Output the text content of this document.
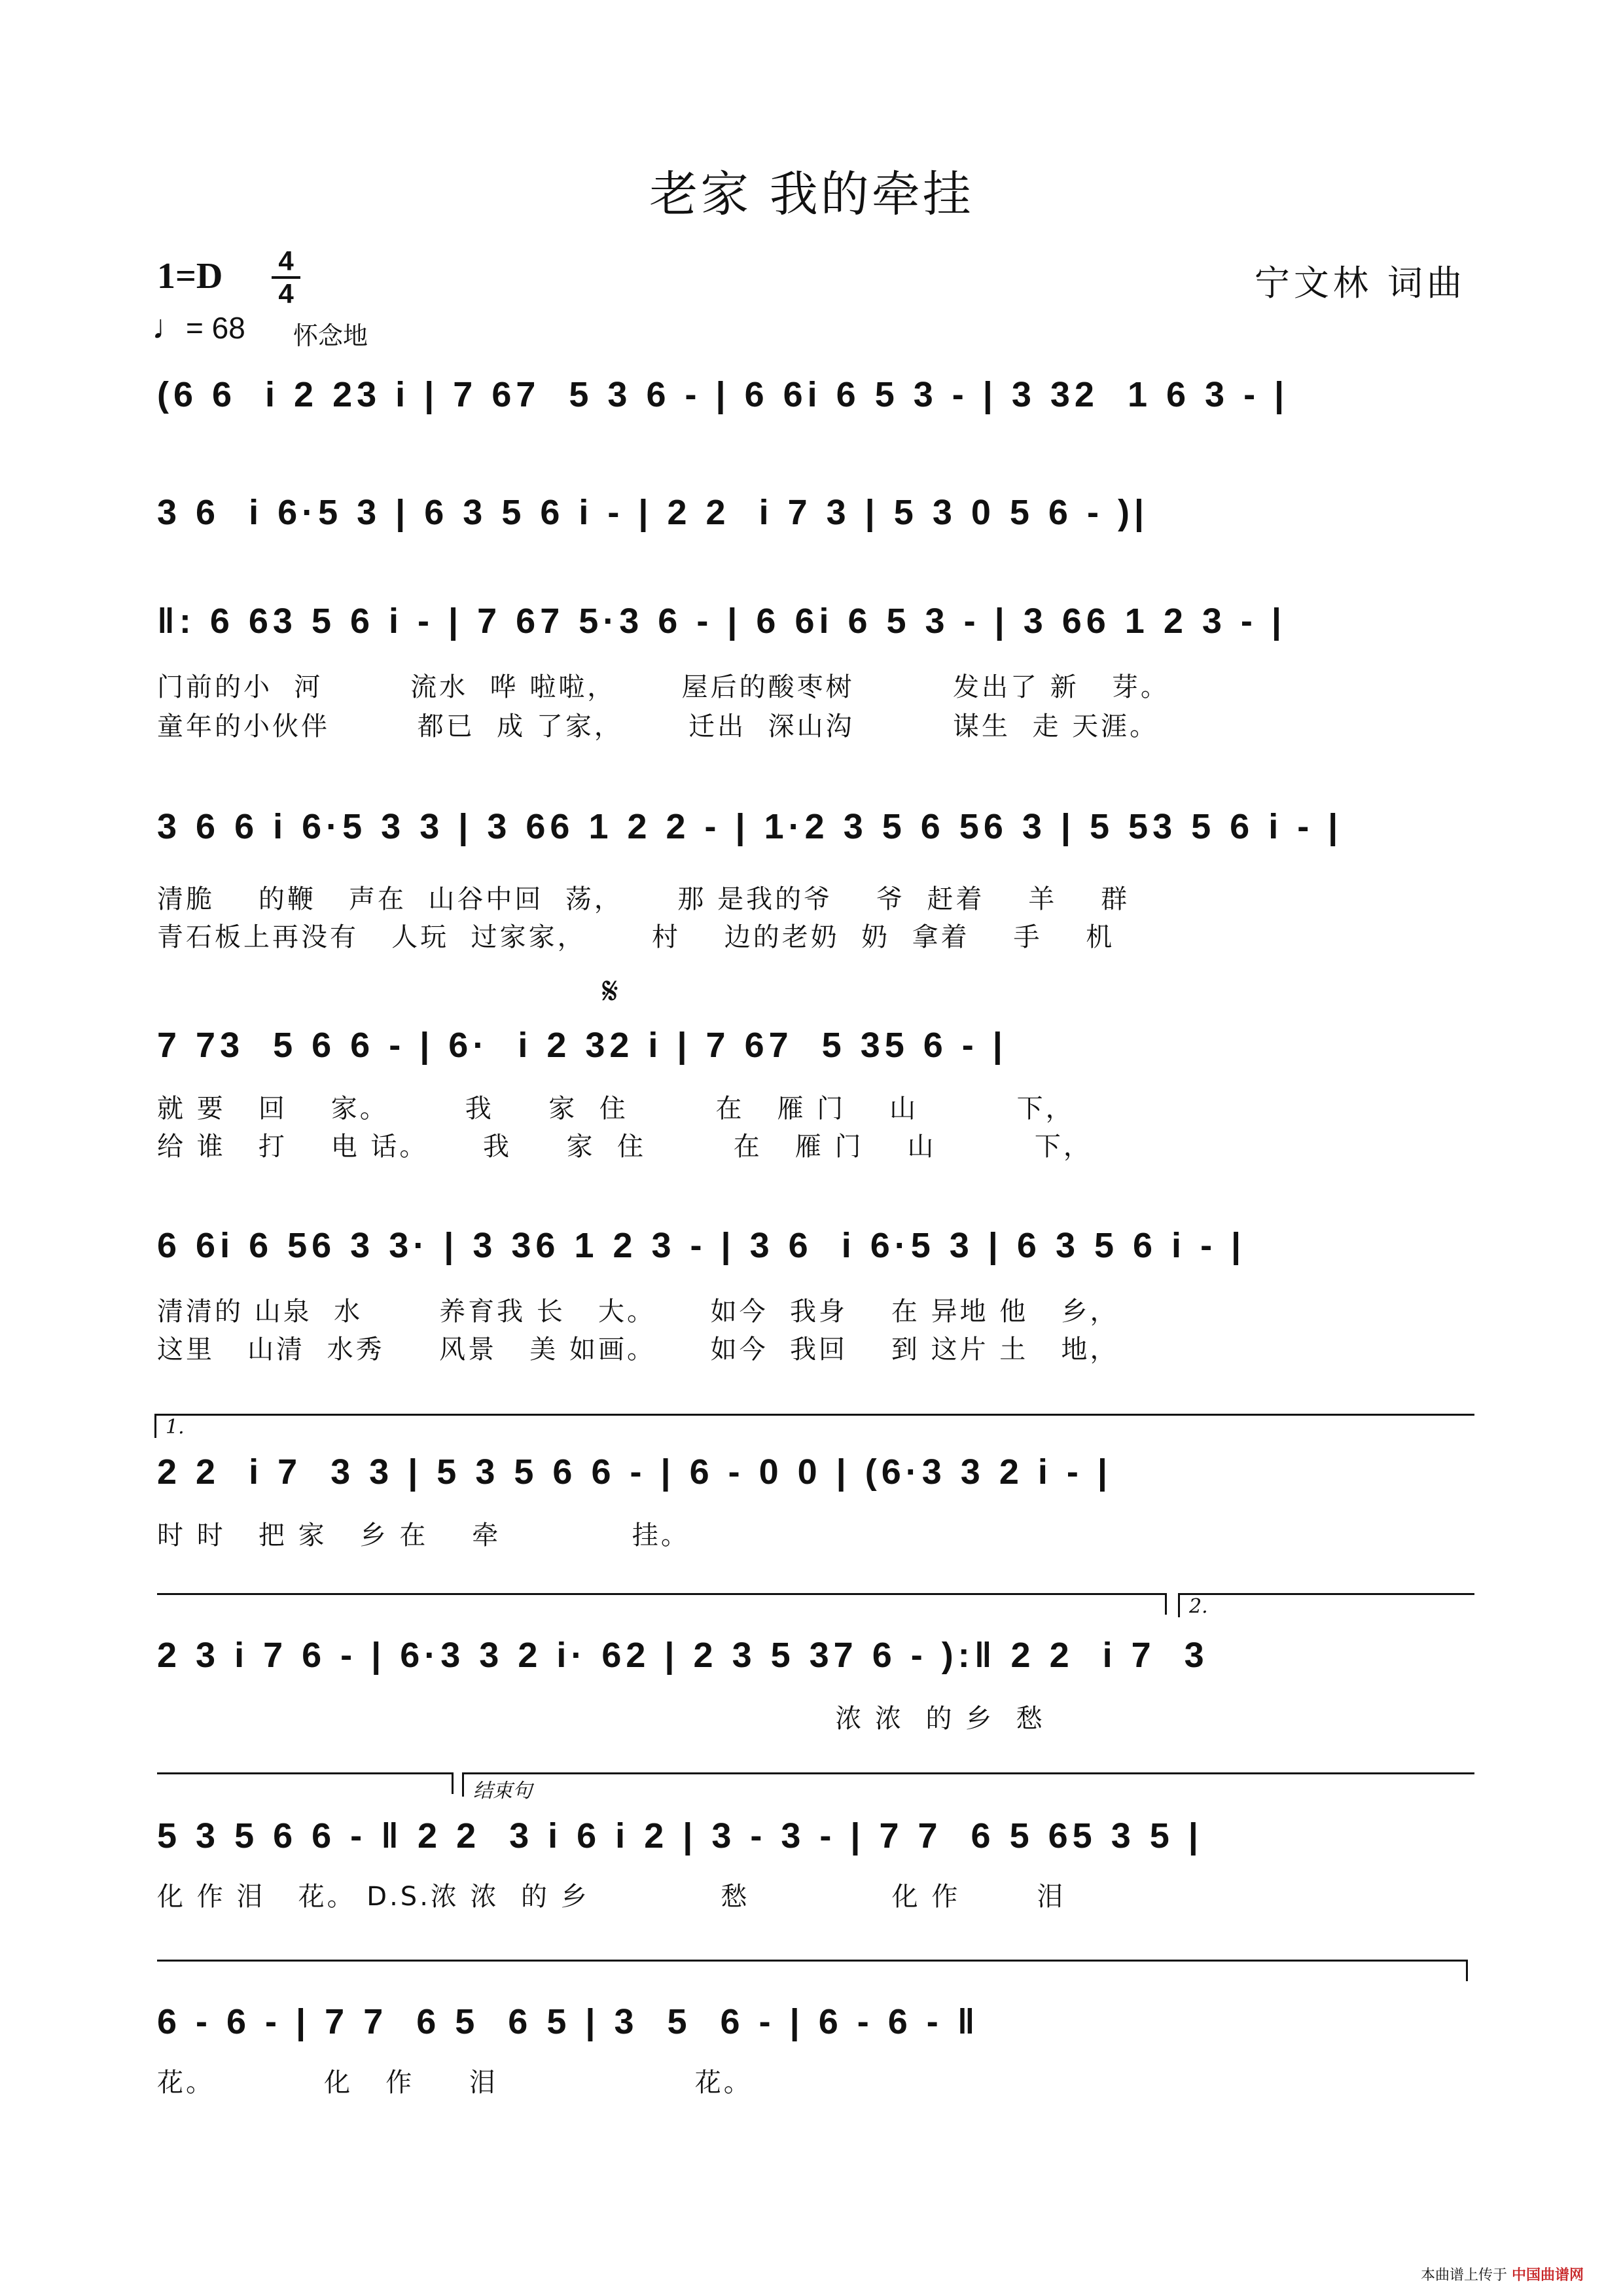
老家 我的牵挂
1=D 4
4
♩= 68 怀念地
宁文林 词曲
(6 6  i 2 23 i | 7 67  5 3 6 - | 6 6i 6 5 3 - | 3 32  1 6 3 - |
3 6  i 6·5 3 | 6 3 5 6 i - | 2 2  i 7 3 | 5 3 0 5 6 - )|
‖: 6 63 5 6 i - | 7 67 5·3 6 - | 6 6i 6 5 3 - | 3 66 1 2 3 - |
门前的小  河        流水  哗 啦啦，      屋后的酸枣树         发出了 新   芽。
童年的小伙伴        都已  成 了家，      迁出  深山沟         谋生  走 天涯。
3 6 6 i 6·5 3 3 | 3 66 1 2 2 - | 1·2 3 5 6 56 3 | 5 53 5 6 i - |
清脆    的鞭   声在  山谷中回  荡，     那 是我的爷    爷  赶着    羊    群
青石板上再没有   人玩  过家家，      村    边的老奶  奶  拿着    手    机
𝄋
7 73  5 6 6 - | 6·  i 2 32 i | 7 67  5 35 6 - |
就 要   回    家。       我     家  住        在   雁 门    山         下，
给 谁   打    电 话。     我     家  住        在   雁 门    山         下，
6 6i 6 56 3 3· | 3 36 1 2 3 - | 3 6  i 6·5 3 | 6 3 5 6 i - |
清清的 山泉  水       养育我 长   大。     如今  我身    在 异地 他   乡，
这里   山清  水秀     风景   美 如画。     如今  我回    到 这片 土   地，
1.
2 2  i 7  3 3 | 5 3 5 6 6 - | 6 - 0 0 | (6·3 3 2 i - |
时 时   把 家   乡 在    牵            挂。
2.
2 3 i 7 6 - | 6·3 3 2 i· 62 | 2 3 5 37 6 - ):‖ 2 2  i 7  3
浓 浓  的 乡  愁
结束句
5 3 5 6 6 - ‖ 2 2  3 i 6 i 2 | 3 - 3 - | 7 7  6 5 65 3 5 |
化 作 泪   花。 D.S.浓 浓  的 乡            愁             化 作       泪
6 - 6 - | 7 7  6 5  6 5 | 3  5  6 - | 6 - 6 - ‖
花。          化   作     泪                  花。
本曲谱上传于 中国曲谱网
